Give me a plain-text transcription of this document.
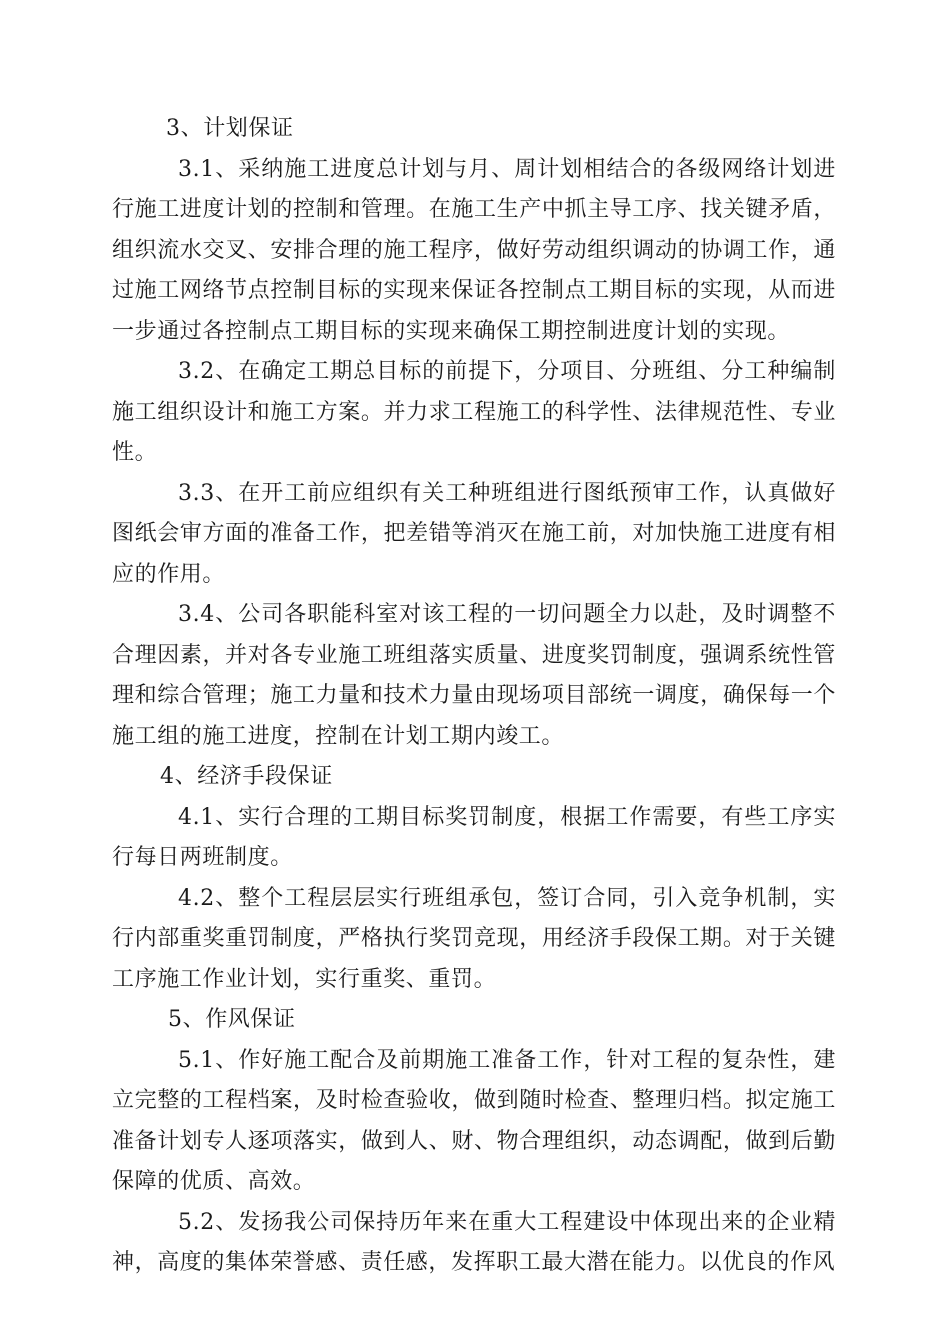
3、计划保证

3.1、采纳施工进度总计划与月、周计划相结合的各级网络计划进行施工进度计划的控制和管理。在施工生产中抓主导工序、找关键矛盾，组织流水交叉、安排合理的施工程序，做好劳动组织调动的协调工作，通过施工网络节点控制目标的实现来保证各控制点工期目标的实现，从而进一步通过各控制点工期目标的实现来确保工期控制进度计划的实现。

3.2、在确定工期总目标的前提下，分项目、分班组、分工种编制施工组织设计和施工方案。并力求工程施工的科学性、法律规范性、专业性。

3.3、在开工前应组织有关工种班组进行图纸预审工作，认真做好图纸会审方面的准备工作，把差错等消灭在施工前，对加快施工进度有相应的作用。

3.4、公司各职能科室对该工程的一切问题全力以赴，及时调整不合理因素，并对各专业施工班组落实质量、进度奖罚制度，强调系统性管理和综合管理；施工力量和技术力量由现场项目部统一调度，确保每一个施工组的施工进度，控制在计划工期内竣工。

4、经济手段保证

4.1、实行合理的工期目标奖罚制度，根据工作需要，有些工序实行每日两班制度。

4.2、整个工程层层实行班组承包，签订合同，引入竞争机制，实行内部重奖重罚制度，严格执行奖罚竞现，用经济手段保工期。对于关键工序施工作业计划，实行重奖、重罚。

5、作风保证

5.1、作好施工配合及前期施工准备工作，针对工程的复杂性，建立完整的工程档案，及时检查验收，做到随时检查、整理归档。拟定施工准备计划专人逐项落实，做到人、财、物合理组织，动态调配，做到后勤保障的优质、高效。

5.2、发扬我公司保持历年来在重大工程建设中体现出来的企业精神，高度的集体荣誉感、责任感，发挥职工最大潜在能力。以优良的作风
